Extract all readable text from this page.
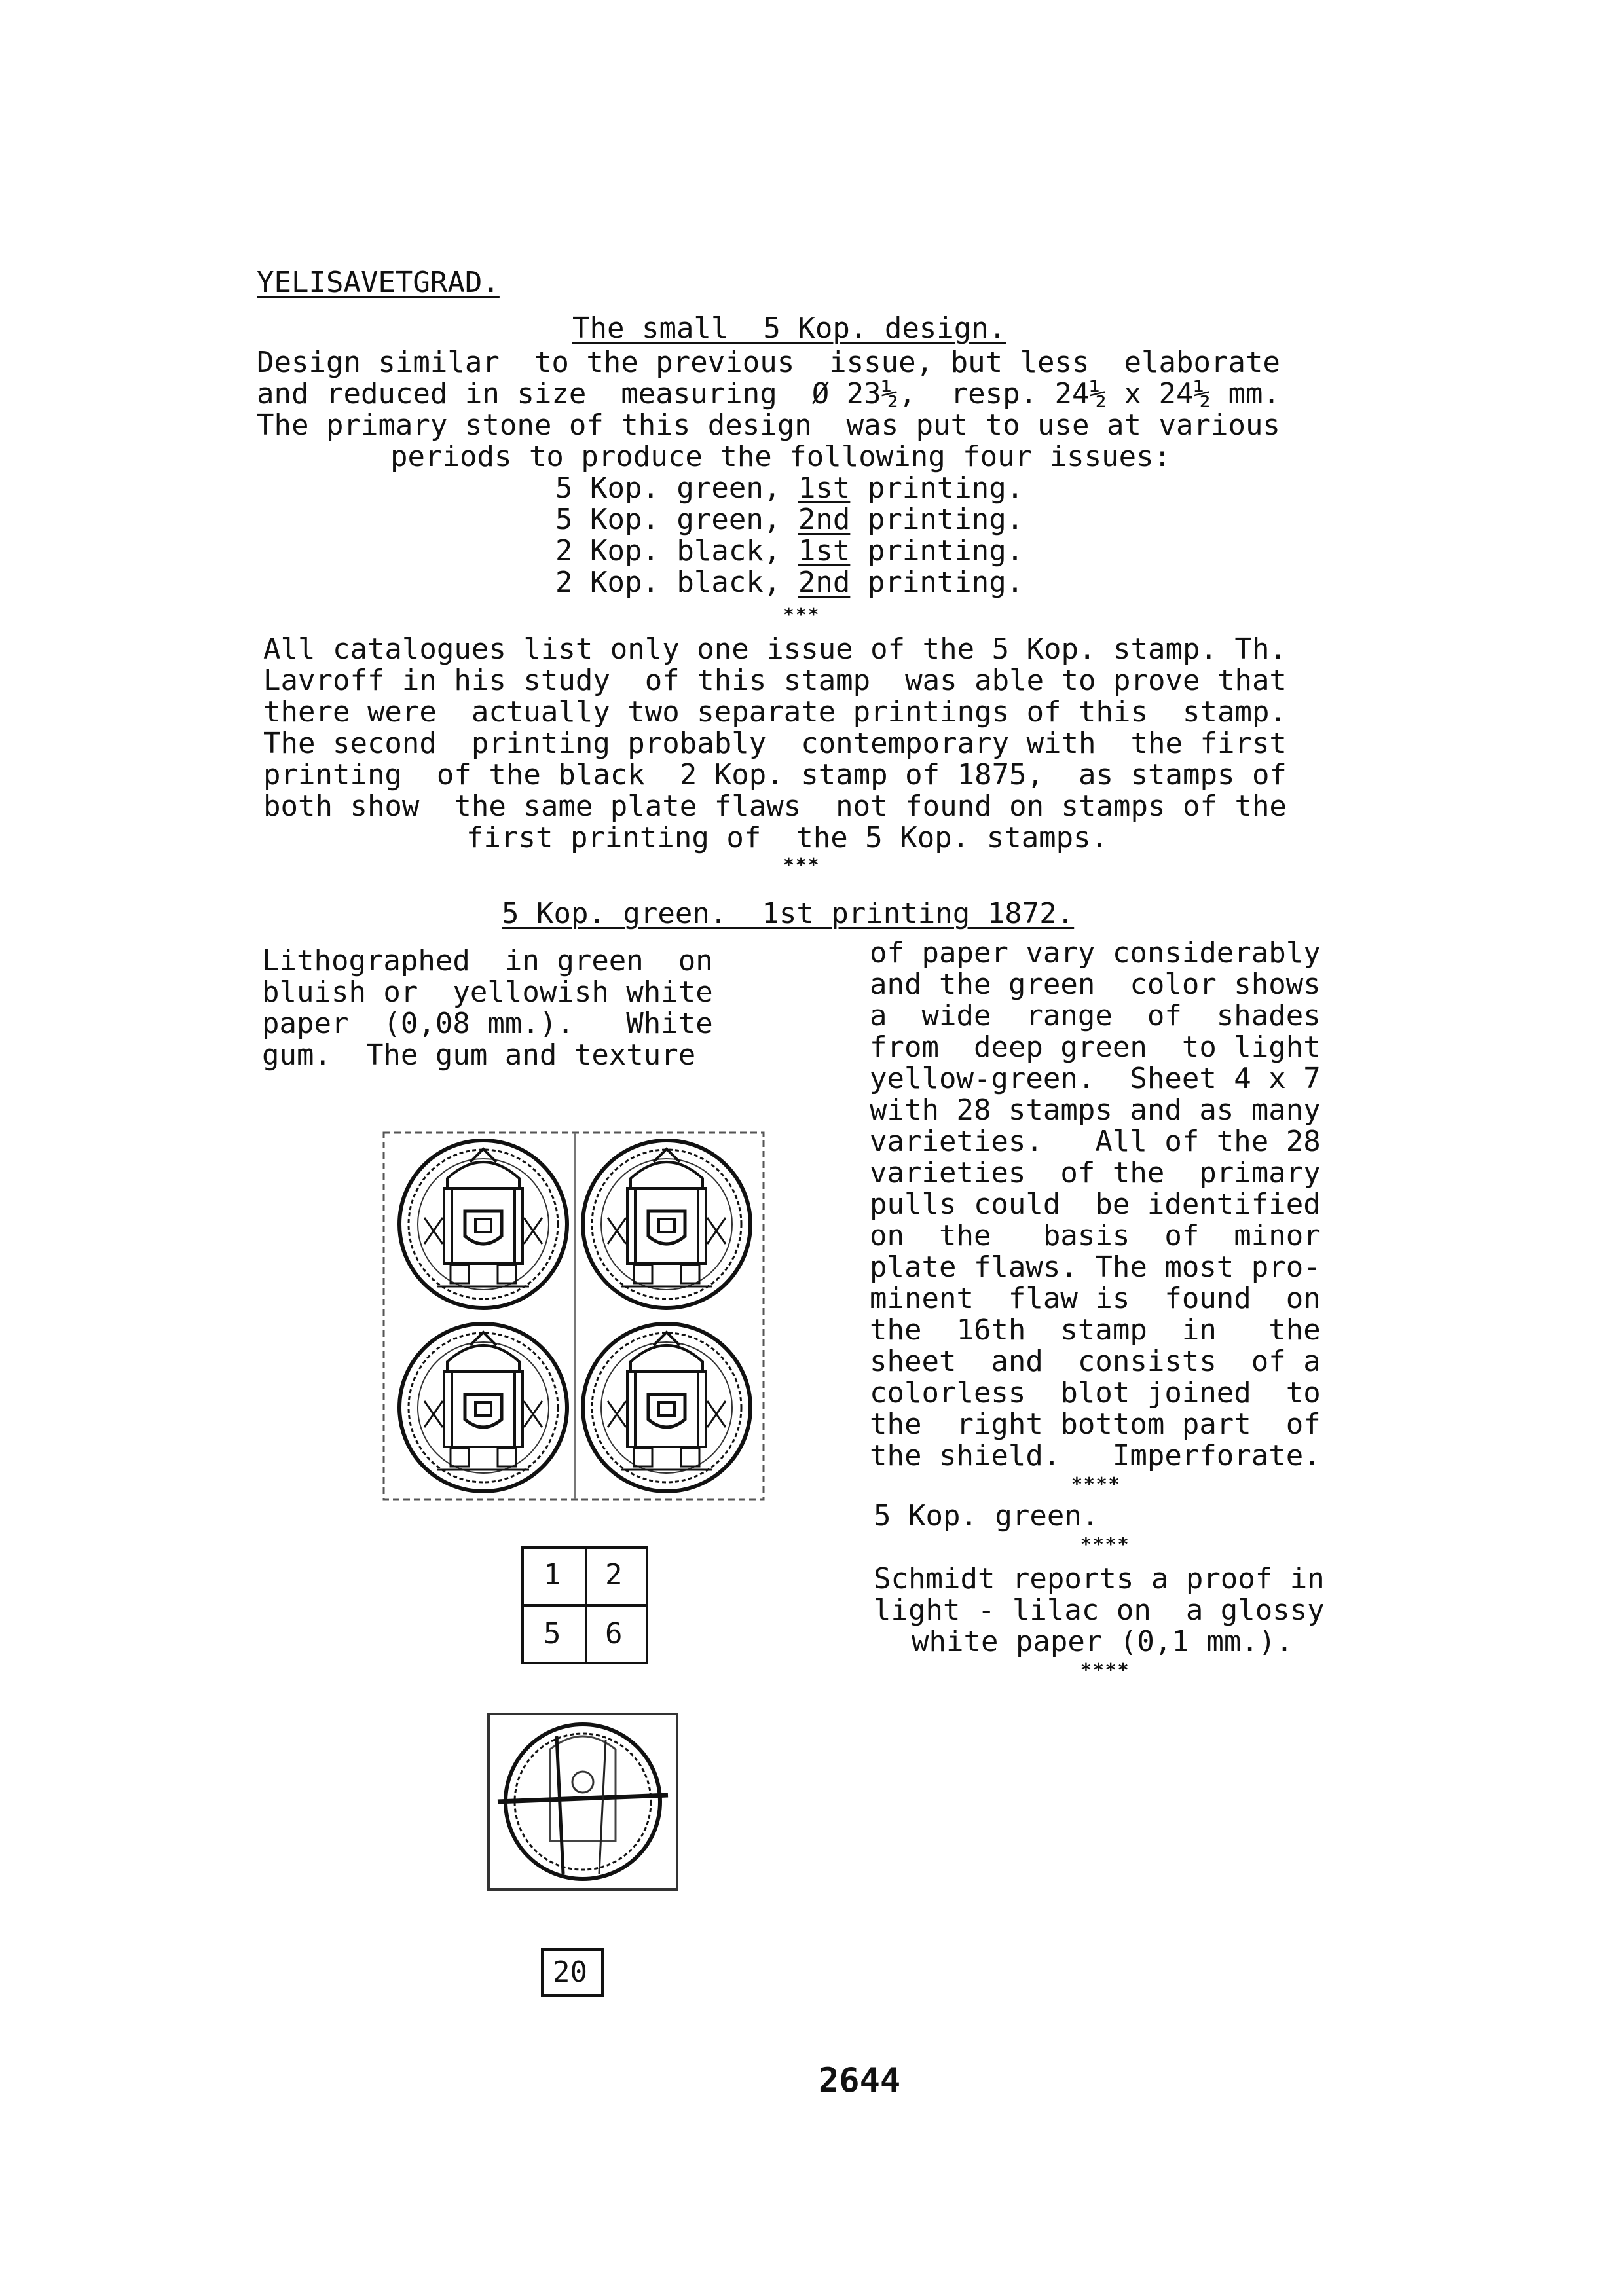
YELISAVETGRAD.
The small  5 Kop. design.
Design similar  to the previous  issue, but less  elaborate
and reduced in size  measuring  Ø 23½,  resp. 24½ x 24½ mm.
The primary stone of this design  was put to use at various
periods to produce the following four issues:
5 Kop. green, 1st printing.
5 Kop. green, 2nd printing.
2 Kop. black, 1st printing.
2 Kop. black, 2nd printing.
***
All catalogues list only one issue of the 5 Kop. stamp. Th.
Lavroff in his study  of this stamp  was able to prove that
there were  actually two separate printings of this  stamp.
The second  printing probably  contemporary with  the first
printing  of the black  2 Kop. stamp of 1875,  as stamps of
both show  the same plate flaws  not found on stamps of the
first printing of  the 5 Kop. stamps.
***
5 Kop. green.  1st printing 1872.
Lithographed  in green  on
bluish or  yellowish white
paper  (0,08 mm.).   White
gum.  The gum and texture
of paper vary considerably
and the green  color shows
a  wide  range  of  shades
from  deep green  to light
yellow-green.  Sheet 4 x 7
with 28 stamps and as many
varieties.   All of the 28
varieties  of the  primary
pulls could  be identified
on  the   basis  of  minor
plate flaws. The most pro-
minent  flaw is  found  on
the  16th  stamp  in   the
sheet  and  consists  of a
colorless  blot joined  to
the  right bottom part  of
the shield.   Imperforate.
****
5 Kop. green.
****
Schmidt reports a proof in
light - lilac on  a glossy
white paper (0,1 mm.).
****
1 2
5 6
20
2644
